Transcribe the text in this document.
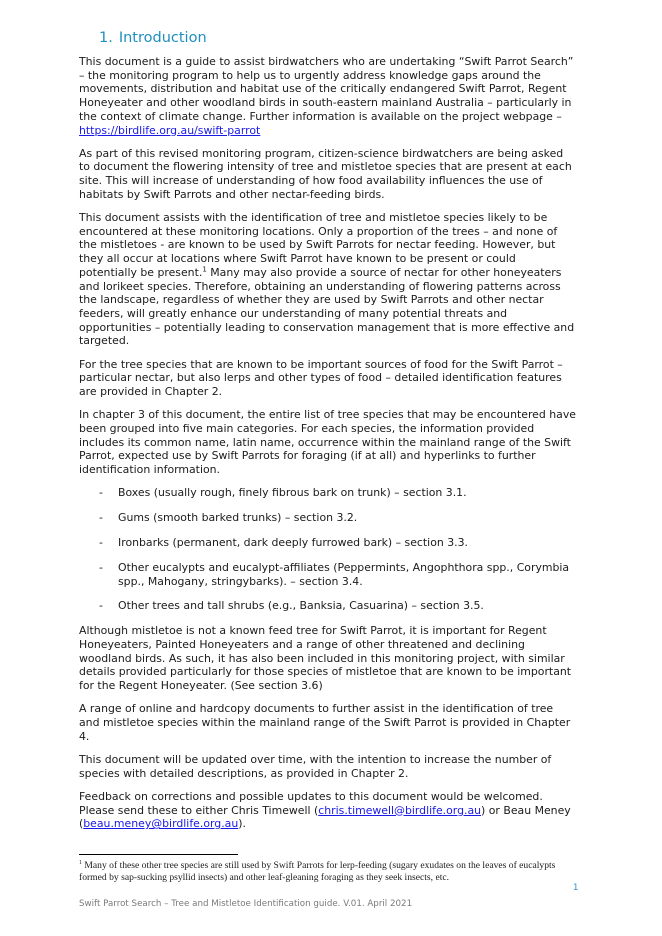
1. Introduction

This document is a guide to assist birdwatchers who are undertaking “Swift Parrot Search” – the monitoring program to help us to urgently address knowledge gaps around the movements, distribution and habitat use of the critically endangered Swift Parrot, Regent Honeyeater and other woodland birds in south-eastern mainland Australia – particularly in the context of climate change. Further information is available on the project webpage – https://birdlife.org.au/swift-parrot

As part of this revised monitoring program, citizen-science birdwatchers are being asked to document the flowering intensity of tree and mistletoe species that are present at each site. This will increase of understanding of how food availability influences the use of habitats by Swift Parrots and other nectar-feeding birds.

This document assists with the identification of tree and mistletoe species likely to be encountered at these monitoring locations. Only a proportion of the trees – and none of the mistletoes - are known to be used by Swift Parrots for nectar feeding. However, but they all occur at locations where Swift Parrot have known to be present or could potentially be present.$^1$ Many may also provide a source of nectar for other honeyeaters and lorikeet species. Therefore, obtaining an understanding of flowering patterns across the landscape, regardless of whether they are used by Swift Parrots and other nectar feeders, will greatly enhance our understanding of many potential threats and opportunities – potentially leading to conservation management that is more effective and targeted.

For the tree species that are known to be important sources of food for the Swift Parrot – particular nectar, but also lerps and other types of food – detailed identification features are provided in Chapter 2.

In chapter 3 of this document, the entire list of tree species that may be encountered have been grouped into five main categories. For each species, the information provided includes its common name, latin name, occurrence within the mainland range of the Swift Parrot, expected use by Swift Parrots for foraging (if at all) and hyperlinks to further identification information.

- Boxes (usually rough, finely fibrous bark on trunk) – section 3.1.
- Gums (smooth barked trunks) – section 3.2.
- Ironbarks (permanent, dark deeply furrowed bark) – section 3.3.
- Other eucalypts and eucalypt-affiliates (Peppermints, Angophthora spp., Corymbia spp., Mahogany, stringybarks). – section 3.4.
- Other trees and tall shrubs (e.g., Banksia, Casuarina) – section 3.5.

Although mistletoe is not a known feed tree for Swift Parrot, it is important for Regent Honeyeaters, Painted Honeyeaters and a range of other threatened and declining woodland birds. As such, it has also been included in this monitoring project, with similar details provided particularly for those species of mistletoe that are known to be important for the Regent Honeyeater. (See section 3.6)

A range of online and hardcopy documents to further assist in the identification of tree and mistletoe species within the mainland range of the Swift Parrot is provided in Chapter 4.

This document will be updated over time, with the intention to increase the number of species with detailed descriptions, as provided in Chapter 2.

Feedback on corrections and possible updates to this document would be welcomed. Please send these to either Chris Timewell (chris.timewell@birdlife.org.au) or Beau Meney (beau.meney@birdlife.org.au).

$^1$ Many of these other tree species are still used by Swift Parrots for lerp-feeding (sugary exudates on the leaves of eucalypts formed by sap-sucking psyllid insects) and other leaf-gleaning foraging as they seek insects, etc.
1
Swift Parrot Search – Tree and Mistletoe Identification guide. V.01. April 2021
